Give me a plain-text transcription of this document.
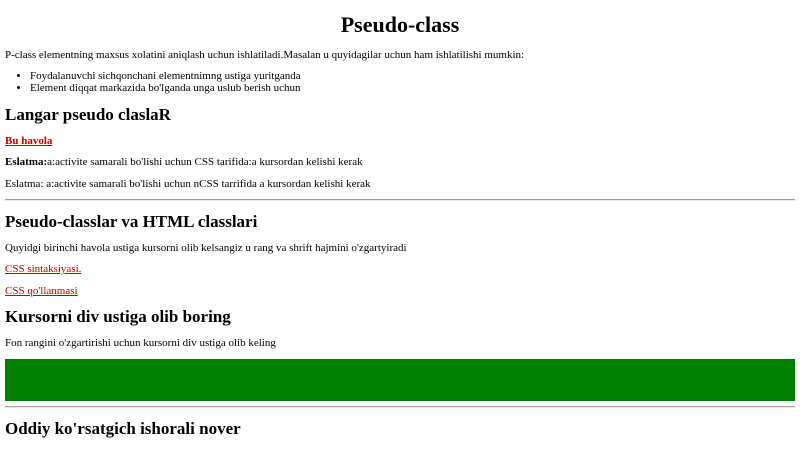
Pseudo-class

P-class elementning maxsus xolatini aniqlash uchun ishlatiladi.Masalan u quyidagilar uchun ham ishlatilishi mumkin:

• Foydalanuvchi sichqonchani elementnimng ustiga yuritganda
• Element diqqat markazida bo'lganda unga uslub berish uchun
Langar pseudo claslaR

Bu havola

Eslatma:a:activite samarali bo'lishi uchun CSS tarifida:a kursordan kelishi kerak

Eslatma: a:activite samarali bo'lishi uchun nCSS tarrifida a kursordan kelishi kerak

Pseudo-classlar va HTML classlari

Quyidgi birinchi havola ustiga kursorni olib kelsangiz u rang va shrift hajmini o'zgartyiradi

CSS sintaksiyasi.

CSS qo'llanmasi

Kursorni div ustiga olib boring

Fon rangini o'zgartirishi uchun kursorni div ustiga olib keling

Oddiy ko'rsatgich ishorali nover
